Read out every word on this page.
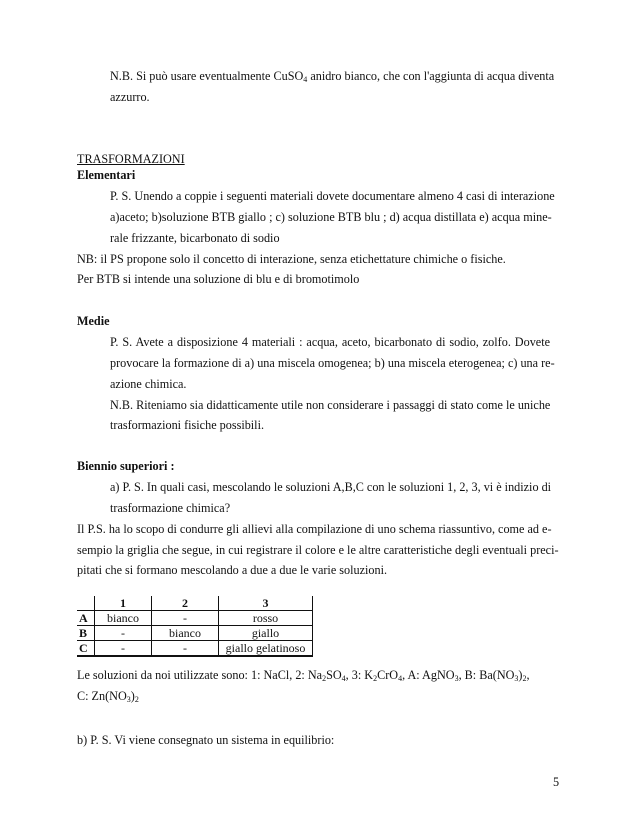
N.B. Si può usare eventualmente CuSO$_4$ anidro bianco, che con l'aggiunta di acqua diventa
azzurro.
TRASFORMAZIONI
Elementari
P. S. Unendo a coppie i seguenti materiali dovete documentare almeno 4 casi di interazione
a)aceto; b)soluzione BTB giallo ; c) soluzione BTB blu ; d) acqua distillata e) acqua mine-
rale frizzante, bicarbonato di sodio
NB: il PS propone solo il concetto di interazione, senza etichettature chimiche o fisiche.
Per BTB si intende una soluzione di blu e di bromotimolo
Medie
P. S. Avete a disposizione 4 materiali : acqua, aceto, bicarbonato di sodio, zolfo. Dovete
provocare la formazione di a) una miscela omogenea; b) una miscela eterogenea; c) una re-
azione chimica.
N.B. Riteniamo sia didatticamente utile non considerare i passaggi di stato come le uniche
trasformazioni fisiche possibili.
Biennio superiori :
a) P. S. In quali casi, mescolando le soluzioni A,B,C con le soluzioni 1, 2, 3, vi è indizio di
trasformazione chimica?
Il P.S. ha lo scopo di condurre gli allievi alla compilazione di uno schema riassuntivo, come ad e-
sempio la griglia che segue, in cui registrare il colore e le altre caratteristiche degli eventuali preci-
pitati che si formano mescolando a due a due le varie soluzioni.
	1	2	3
A	bianco	-	rosso
B	-	bianco	giallo
C	-	-	giallo gelatinoso
Le soluzioni da noi utilizzate sono: 1: NaCl, 2: $Na_2SO_4$, 3: $K_2CrO_4$, A: AgNO$_3$, B: $Ba(NO_3)_2$,
C: $Zn(NO_3)_2$
b) P. S. Vi viene consegnato un sistema in equilibrio:
5
